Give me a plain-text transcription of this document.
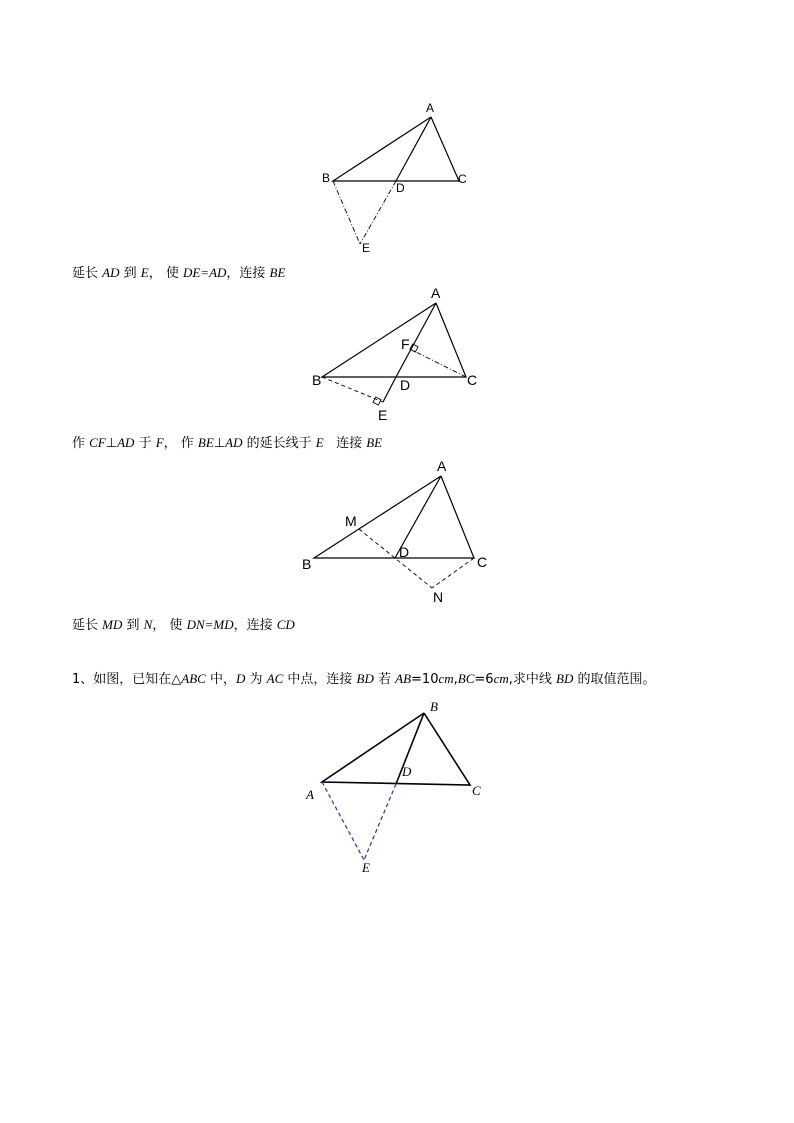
A
B	C
D
E
A
B	C
D
E
F
A
B	C
D
M
N
A
B
C
D
E
延长 AD 到 E， 使 DE=AD，连接 BE
作 CF⊥AD 于 F， 作 BE⊥AD 的延长线于 E   连接 BE
延长 MD 到 N， 使 DN=MD，连接 CD
1、如图，已知在△ABC 中，D 为 AC 中点，连接 BD 若 AB=10cm,BC=6cm,求中线 BD 的取值范围。
